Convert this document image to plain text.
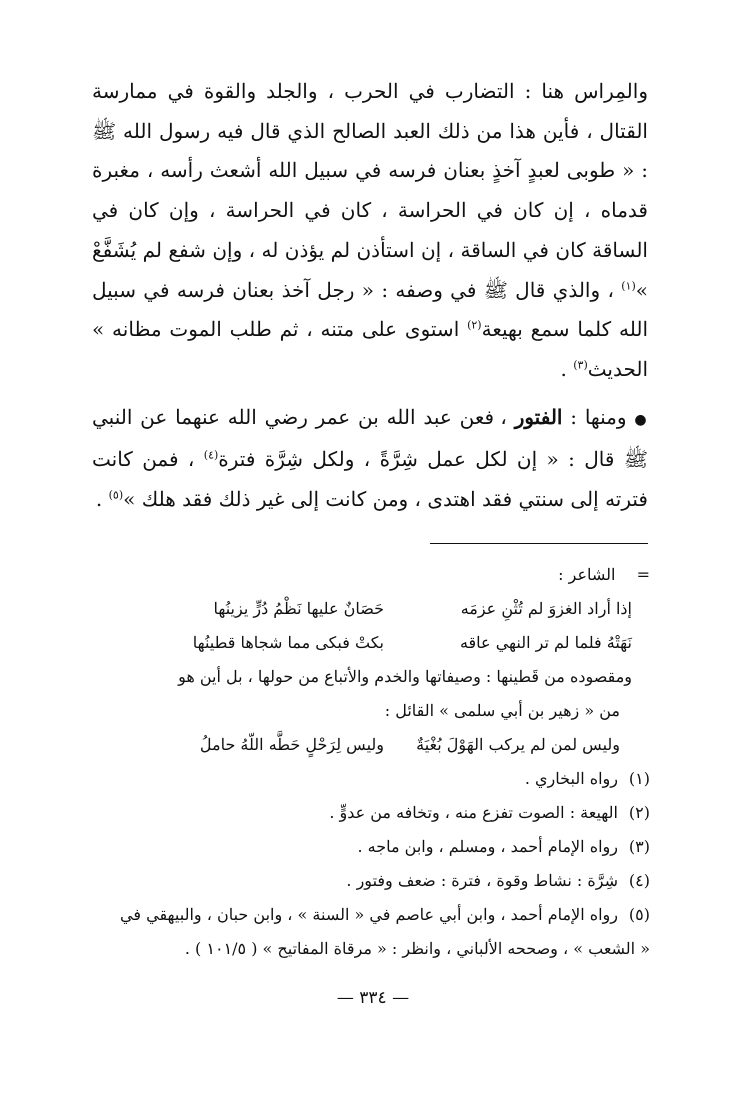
والمِراس هنا : التضارب في الحرب ، والجلد والقوة في ممارسة القتال ، فأين هذا من ذلك العبد الصالح الذي قال فيه رسول الله ﷺ : « طوبى لعبدٍ آخذٍ بعنان فرسه في سبيل الله أشعث رأسه ، مغبرة قدماه ، إن كان في الحراسة ، كان في الحراسة ، وإن كان في الساقة كان في الساقة ، إن استأذن لم يؤذن له ، وإن شفع لم يُشَفَّعْ »$^{(١)}$ ، والذي قال ﷺ في وصفه : « رجل آخذ بعنان فرسه في سبيل الله كلما سمع بهيعة$^{(٢)}$ استوى على متنه ، ثم طلب الموت مظانه » الحديث$^{(٣)}$ .

● ومنها : الفتور ، فعن عبد الله بن عمر رضي الله عنهما عن النبي ﷺ قال : « إن لكل عمل شِرَّةً ، ولكل شِرَّة فترة$^{(٤)}$ ، فمن كانت فترته إلى سنتي فقد اهتدى ، ومن كانت إلى غير ذلك فقد هلك »$^{(٥)}$ .

= الشاعر :
إذا أراد الغزوَ لم تُثْنِ عزمَه
حَصَانٌ عليها نَظْمُ دُرٍّ يزينُها
نَهَتْهُ فلما لم تر النهي عاقه
بكتْ فبكى مما شجاها قطينُها
ومقصوده من قَطينها : وصيفاتها والخدم والأتباع من حولها ، بل أين هو
من « زهير بن أبي سلمى » القائل :
وليس لمن لم يركب الهَوْلَ بُغْيَةٌ
وليس لِرَحْلٍ حَطَّه اللّهُ حاملُ
(١)رواه البخاري .
(٢)الهيعة : الصوت تفزع منه ، وتخافه من عدوٍّ .
(٣)رواه الإمام أحمد ، ومسلم ، وابن ماجه .
(٤)شِرَّة : نشاط وقوة ، فترة : ضعف وفتور .
(٥)رواه الإمام أحمد ، وابن أبي عاصم في « السنة » ، وابن حبان ، والبيهقي في
« الشعب » ، وصححه الألباني ، وانظر : « مرقاة المفاتيح » ( ١٠١/٥ ) .
— ٣٣٤ —
